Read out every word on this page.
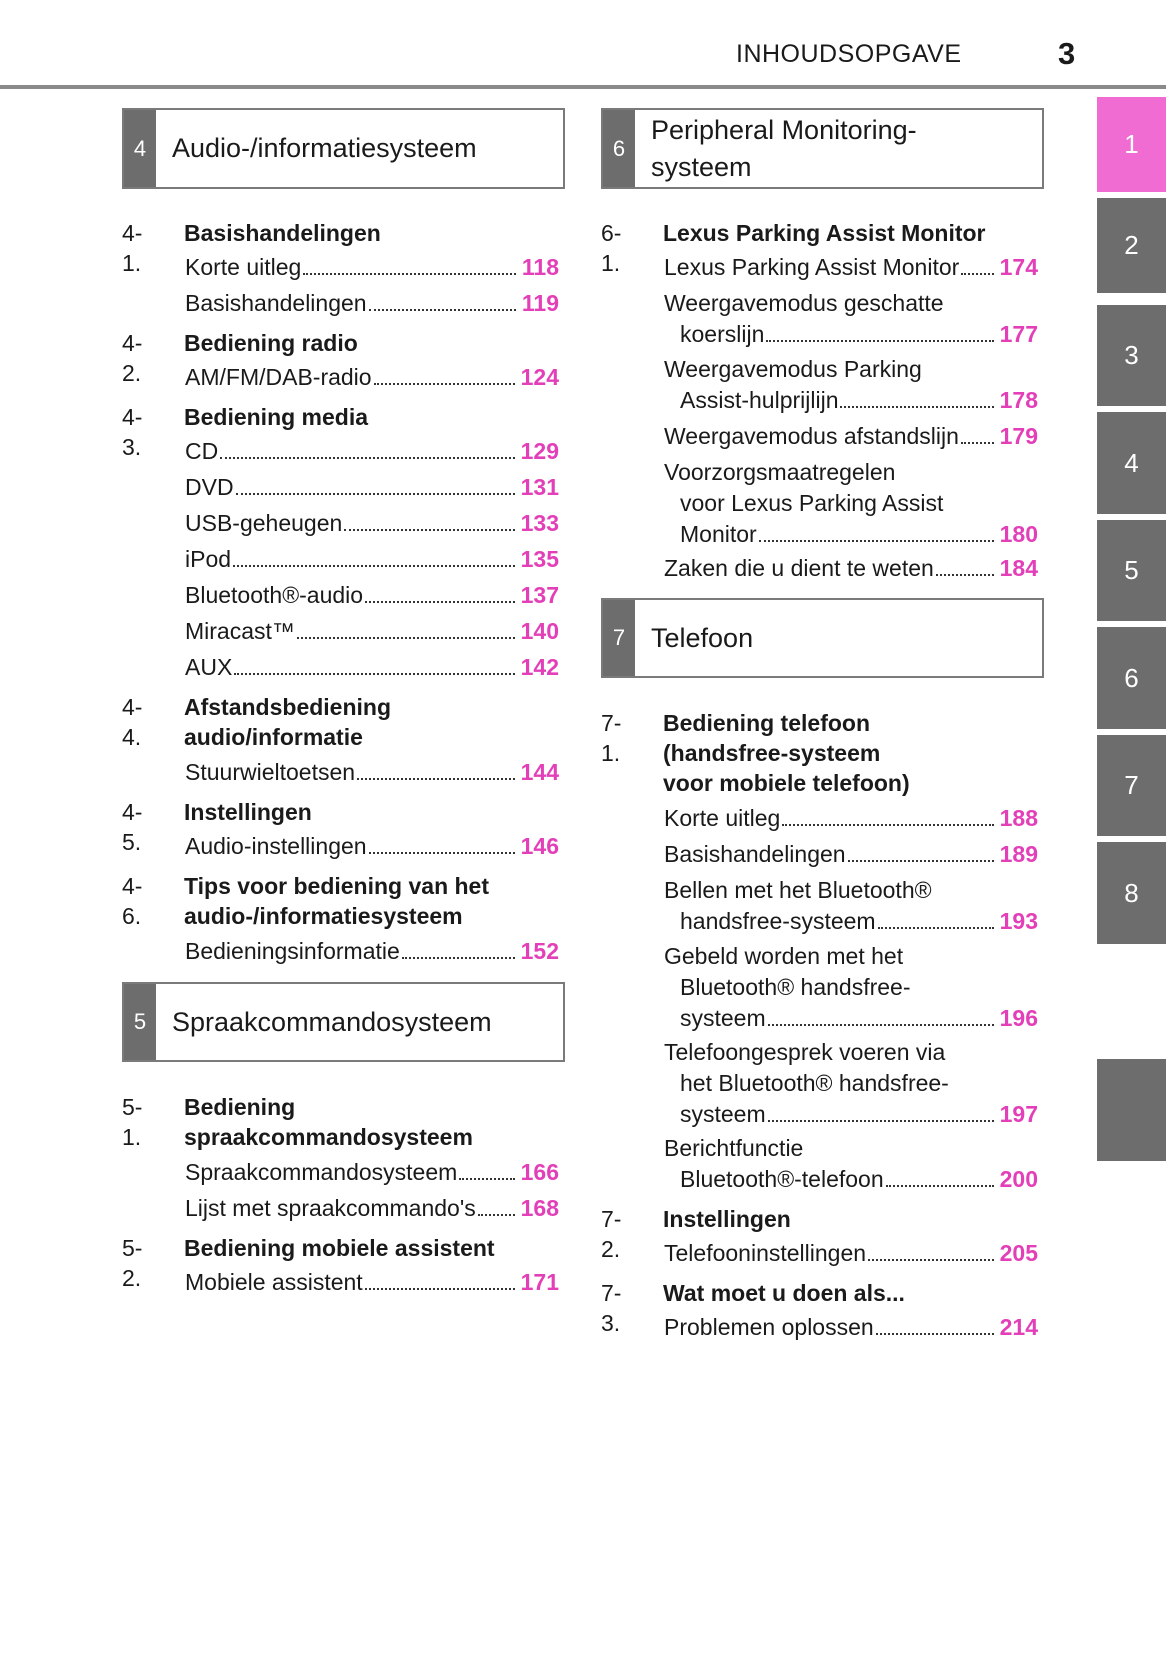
INHOUDSOPGAVE	3
4 Audio-/informatiesysteem
4-1.
Basishandelingen
Korte uitleg	118
Basishandelingen	119
4-2.
Bediening radio
AM/FM/DAB-radio	124
4-3.
Bediening media
CD	129
DVD	131
USB-geheugen	133
iPod	135
Bluetooth®-audio	137
Miracast™	140
AUX	142
4-4.
Afstandsbediening
audio/informatie
Stuurwieltoetsen	144
4-5.
Instellingen
Audio-instellingen	146
4-6.
Tips voor bediening van het
audio-/informatiesysteem
Bedieningsinformatie	152
5 Spraakcommandosysteem
5-1.
Bediening
spraakcommandosysteem
Spraakcommandosysteem	166
Lijst met spraakcommando's 168
5-2.
Bediening mobiele assistent
Mobiele assistent	171
6
Peripheral Monitoring-
systeem
6-1.
Lexus Parking Assist Monitor
Lexus Parking Assist Monitor 174
Weergavemodus geschatte
koerslijn	177
Weergavemodus Parking
Assist-hulprijlijn	178
Weergavemodus afstandslijn 179
Voorzorgsmaatregelen
voor Lexus Parking Assist
Monitor	180
Zaken die u dient te weten	184
7 Telefoon
7-1.
Bediening telefoon
(handsfree-systeem
voor mobiele telefoon)
Korte uitleg	188
Basishandelingen	189
Bellen met het Bluetooth®
handsfree-systeem	193
Gebeld worden met het
Bluetooth® handsfree-
systeem	196
Telefoongesprek voeren via
het Bluetooth® handsfree-
systeem	197
Berichtfunctie
Bluetooth®-telefoon	200
7-2.
Instellingen
Telefooninstellingen	205
7-3.
Wat moet u doen als...
Problemen oplossen	214
1
2
3
4
5
6
7
8
